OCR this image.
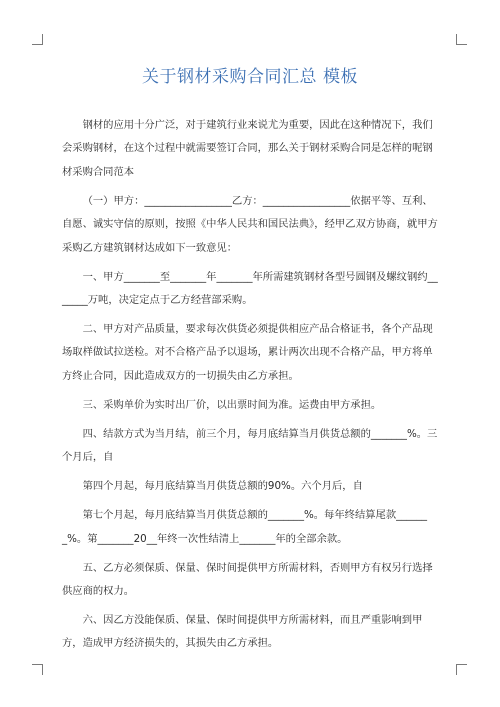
关于钢材采购合同汇总 模板

钢材的应用十分广泛，对于建筑行业来说尤为重要，因此在这种情况下，我们会采购钢材，在这个过程中就需要签订合同，那么关于钢材采购合同是怎样的呢钢材采购合同范本

（一）甲方：_________________乙方：_________________依据平等、互利、自愿、诚实守信的原则，按照《中华人民共和国民法典》，经甲乙双方协商，就甲方采购乙方建筑钢材达成如下一致意见：

一、甲方_______至_______年_______年所需建筑钢材各型号圆钢及螺纹钢约_______万吨，决定定点于乙方经营部采购。

二、甲方对产品质量，要求每次供货必须提供相应产品合格证书，各个产品现场取样做试拉送检。对不合格产品予以退场，累计两次出现不合格产品，甲方将单方终止合同，因此造成双方的一切损失由乙方承担。

三、采购单价为实时出厂价，以出票时间为准。运费由甲方承担。

四、结款方式为当月结，前三个月，每月底结算当月供货总额的_______%。三个月后，自

第四个月起，每月底结算当月供货总额的90%。六个月后，自

第七个月起，每月底结算当月供货总额的_______%。每年终结算尾款_______%。第_______20__年终一次性结清上_______年的全部余款。

五、乙方必须保质、保量、保时间提供甲方所需材料，否则甲方有权另行选择供应商的权力。

六、因乙方没能保质、保量、保时间提供甲方所需材料，而且严重影响到甲方，造成甲方经济损失的，其损失由乙方承担。
